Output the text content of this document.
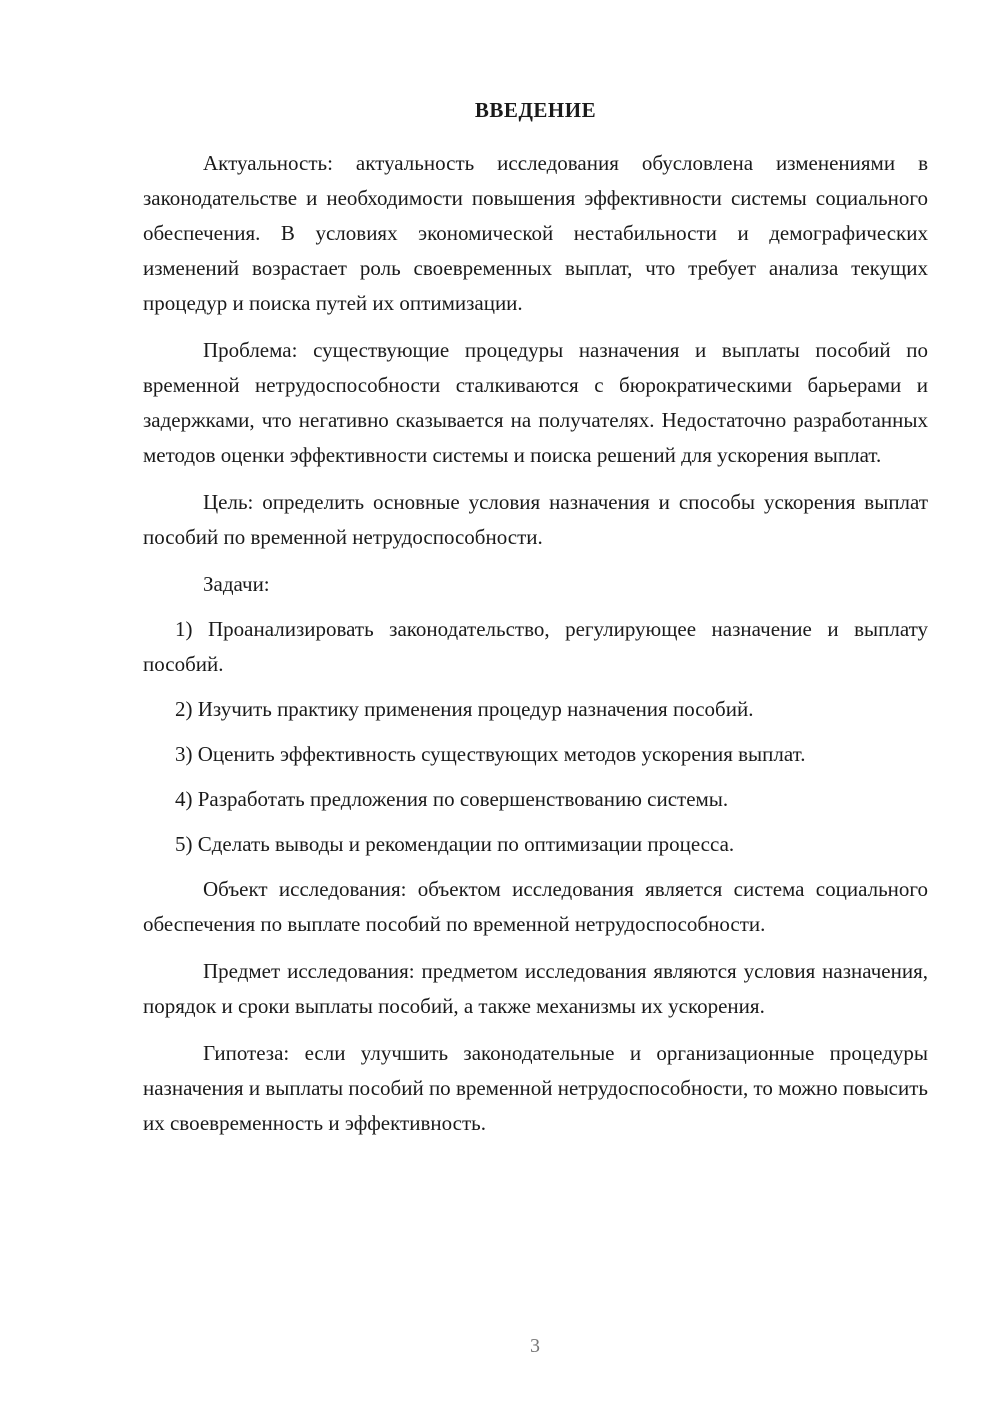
ВВЕДЕНИЕ

Актуальность: актуальность исследования обусловлена изменениями в законодательстве и необходимости повышения эффективности системы социального обеспечения. В условиях экономической нестабильности и демографических изменений возрастает роль своевременных выплат, что требует анализа текущих процедур и поиска путей их оптимизации.

Проблема: существующие процедуры назначения и выплаты пособий по временной нетрудоспособности сталкиваются с бюрократическими барьерами и задержками, что негативно сказывается на получателях. Недостаточно разработанных методов оценки эффективности системы и поиска решений для ускорения выплат.

Цель: определить основные условия назначения и способы ускорения выплат пособий по временной нетрудоспособности.

Задачи:

1) Проанализировать законодательство, регулирующее назначение и выплату пособий.

2) Изучить практику применения процедур назначения пособий.

3) Оценить эффективность существующих методов ускорения выплат.

4) Разработать предложения по совершенствованию системы.

5) Сделать выводы и рекомендации по оптимизации процесса.

Объект исследования: объектом исследования является система социального обеспечения по выплате пособий по временной нетрудоспособности.

Предмет исследования: предметом исследования являются условия назначения, порядок и сроки выплаты пособий, а также механизмы их ускорения.

Гипотеза: если улучшить законодательные и организационные процедуры назначения и выплаты пособий по временной нетрудоспособности, то можно повысить их своевременность и эффективность.

3
